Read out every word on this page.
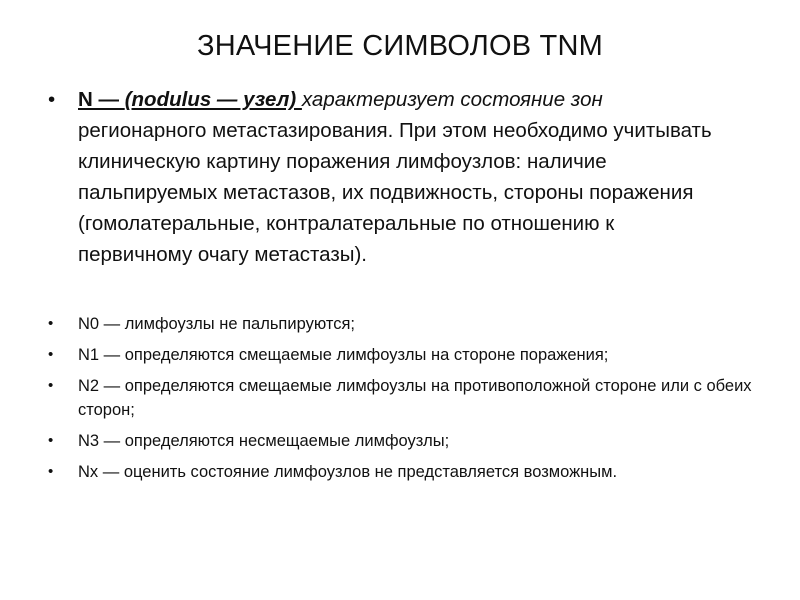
ЗНАЧЕНИЕ СИМВОЛОВ TNM
•	N — (nodulus — узел) характеризует состояние зон регионарного метастазирования. При этом необходимо учитывать клиническую картину поражения лимфоузлов: наличие пальпируемых метастазов, их подвижность, стороны поражения (гомолатеральные, контралатеральные по отношению к первичному очагу метастазы).
• N0 — лимфоузлы не пальпируются;
• N1 — определяются смещаемые лимфоузлы на стороне поражения;
• N2 — определяются смещаемые лимфоузлы на противоположной стороне или с обеих сторон;
• N3 — определяются несмещаемые лимфоузлы;
• Nx — оценить состояние лимфоузлов не представляется возможным.
